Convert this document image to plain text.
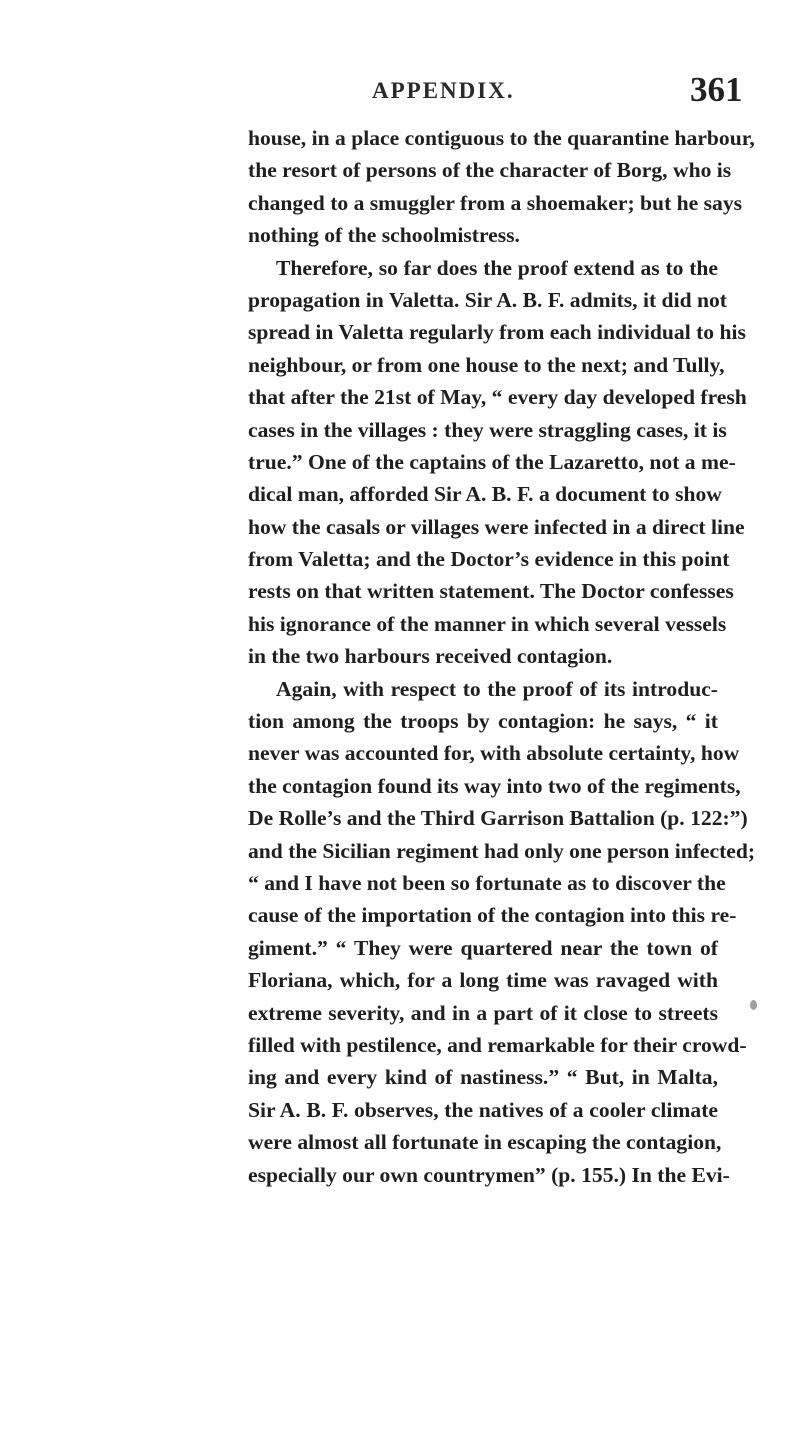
APPENDIX.	361
house, in a place contiguous to the quarantine harbour,
the resort of persons of the character of Borg, who is
changed to a smuggler from a shoemaker; but he says
nothing of the schoolmistress.
Therefore, so far does the proof extend as to the
propagation in Valetta. Sir A. B. F. admits, it did not
spread in Valetta regularly from each individual to his
neighbour, or from one house to the next; and Tully,
that after the 21st of May, “ every day developed fresh
cases in the villages : they were straggling cases, it is
true.” One of the captains of the Lazaretto, not a me-
dical man, afforded Sir A. B. F. a document to show
how the casals or villages were infected in a direct line
from Valetta; and the Doctor’s evidence in this point
rests on that written statement. The Doctor confesses
his ignorance of the manner in which several vessels
in the two harbours received contagion.
Again, with respect to the proof of its introduc-
tion among the troops by contagion: he says, “ it
never was accounted for, with absolute certainty, how
the contagion found its way into two of the regiments,
De Rolle’s and the Third Garrison Battalion (p. 122:”)
and the Sicilian regiment had only one person infected;
“ and I have not been so fortunate as to discover the
cause of the importation of the contagion into this re-
giment.” “ They were quartered near the town of
Floriana, which, for a long time was ravaged with
extreme severity, and in a part of it close to streets
filled with pestilence, and remarkable for their crowd-
ing and every kind of nastiness.” “ But, in Malta,
Sir A. B. F. observes, the natives of a cooler climate
were almost all fortunate in escaping the contagion,
especially our own countrymen” (p. 155.) In the Evi-
